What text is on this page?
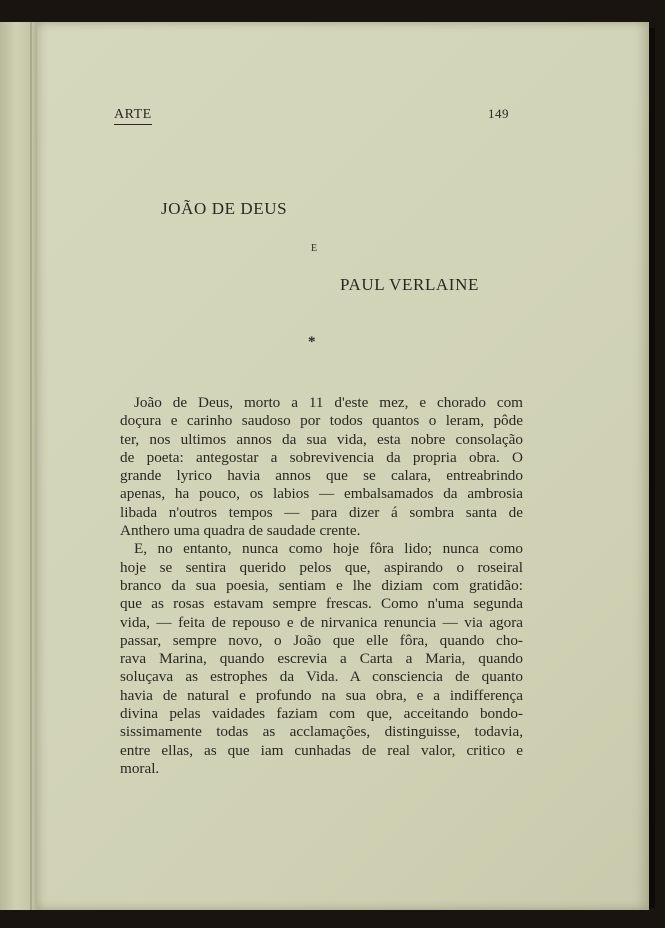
ARTE	149
JOÃO DE DEUS
E
PAUL VERLAINE
*
João de Deus, morto a 11 d'este mez, e chorado com
doçura e carinho saudoso por todos quantos o leram, pôde
ter, nos ultimos annos da sua vida, esta nobre consolação
de poeta: antegostar a sobrevivencia da propria obra. O
grande lyrico havia annos que se calara, entreabrindo
apenas, ha pouco, os labios — embalsamados da ambrosia
libada n'outros tempos — para dizer á sombra santa de
Anthero uma quadra de saudade crente.
E, no entanto, nunca como hoje fôra lido; nunca como
hoje se sentira querido pelos que, aspirando o roseiral
branco da sua poesia, sentiam e lhe diziam com gratidão:
que as rosas estavam sempre frescas. Como n'uma segunda
vida, — feita de repouso e de nirvanica renuncia — via agora
passar, sempre novo, o João que elle fôra, quando cho-
rava Marina, quando escrevia a Carta a Maria, quando
soluçava as estrophes da Vida. A consciencia de quanto
havia de natural e profundo na sua obra, e a indifferença
divina pelas vaidades faziam com que, acceitando bondo-
sissimamente todas as acclamações, distinguisse, todavia,
entre ellas, as que iam cunhadas de real valor, critico e
moral.
